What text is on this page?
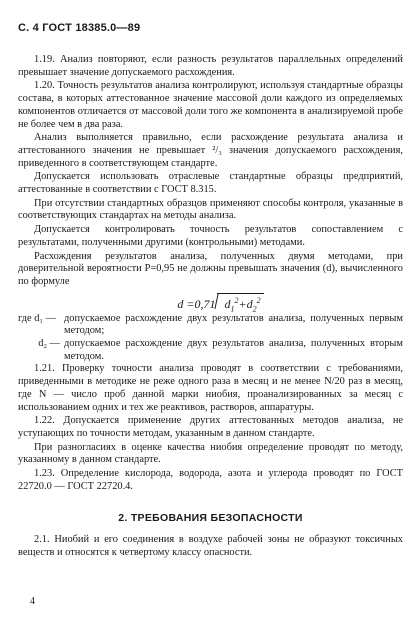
С. 4 ГОСТ 18385.0—89

1.19. Анализ повторяют, если разность результатов параллельных определений превышает значение допускаемого расхождения.

1.20. Точность результатов анализа контролируют, используя стандартные образцы состава, в которых аттестованное значение массовой доли каждого из определяемых компонентов отличается от массовой доли того же компонента в анализируемой пробе не более чем в два раза.

Анализ выполняется правильно, если расхождение результата анализа и аттестованного значения не превышает ²/₃ значения допускаемого расхождения, приведенного в соответствующем стандарте.

Допускается использовать отраслевые стандартные образцы предприятий, аттестованные в соответствии с ГОСТ 8.315.

При отсутствии стандартных образцов применяют способы контроля, указанные в соответствующих стандартах на методы анализа.

Допускается контролировать точность результатов сопоставлением с результатами, полученными другими (контрольными) методами.

Расхождения результатов анализа, полученных двумя методами, при доверительной вероятности P=0,95 не должны превышать значения (d), вычисленного по формуле

d =0,71 $d_1^2+d_2^2$
где d₁ — допускаемое расхождение двух результатов анализа, полученных первым методом;
d₂ — допускаемое расхождение двух результатов анализа, полученных вторым методом.

1.21. Проверку точности анализа проводят в соответствии с требованиями, приведенными в методике не реже одного раза в месяц и не менее N/20 раз в месяц, где N — число проб данной марки ниобия, проанализированных за месяц с использованием одних и тех же реактивов, растворов, аппаратуры.

1.22. Допускается применение других аттестованных методов анализа, не уступающих по точности методам, указанным в данном стандарте.

При разногласиях в оценке качества ниобия определение проводят по методу, указанному в данном стандарте.

1.23. Определение кислорода, водорода, азота и углерода проводят по ГОСТ 22720.0 — ГОСТ 22720.4.

2. ТРЕБОВАНИЯ БЕЗОПАСНОСТИ

2.1. Ниобий и его соединения в воздухе рабочей зоны не образуют токсичных веществ и относятся к четвертому классу опасности.

4
